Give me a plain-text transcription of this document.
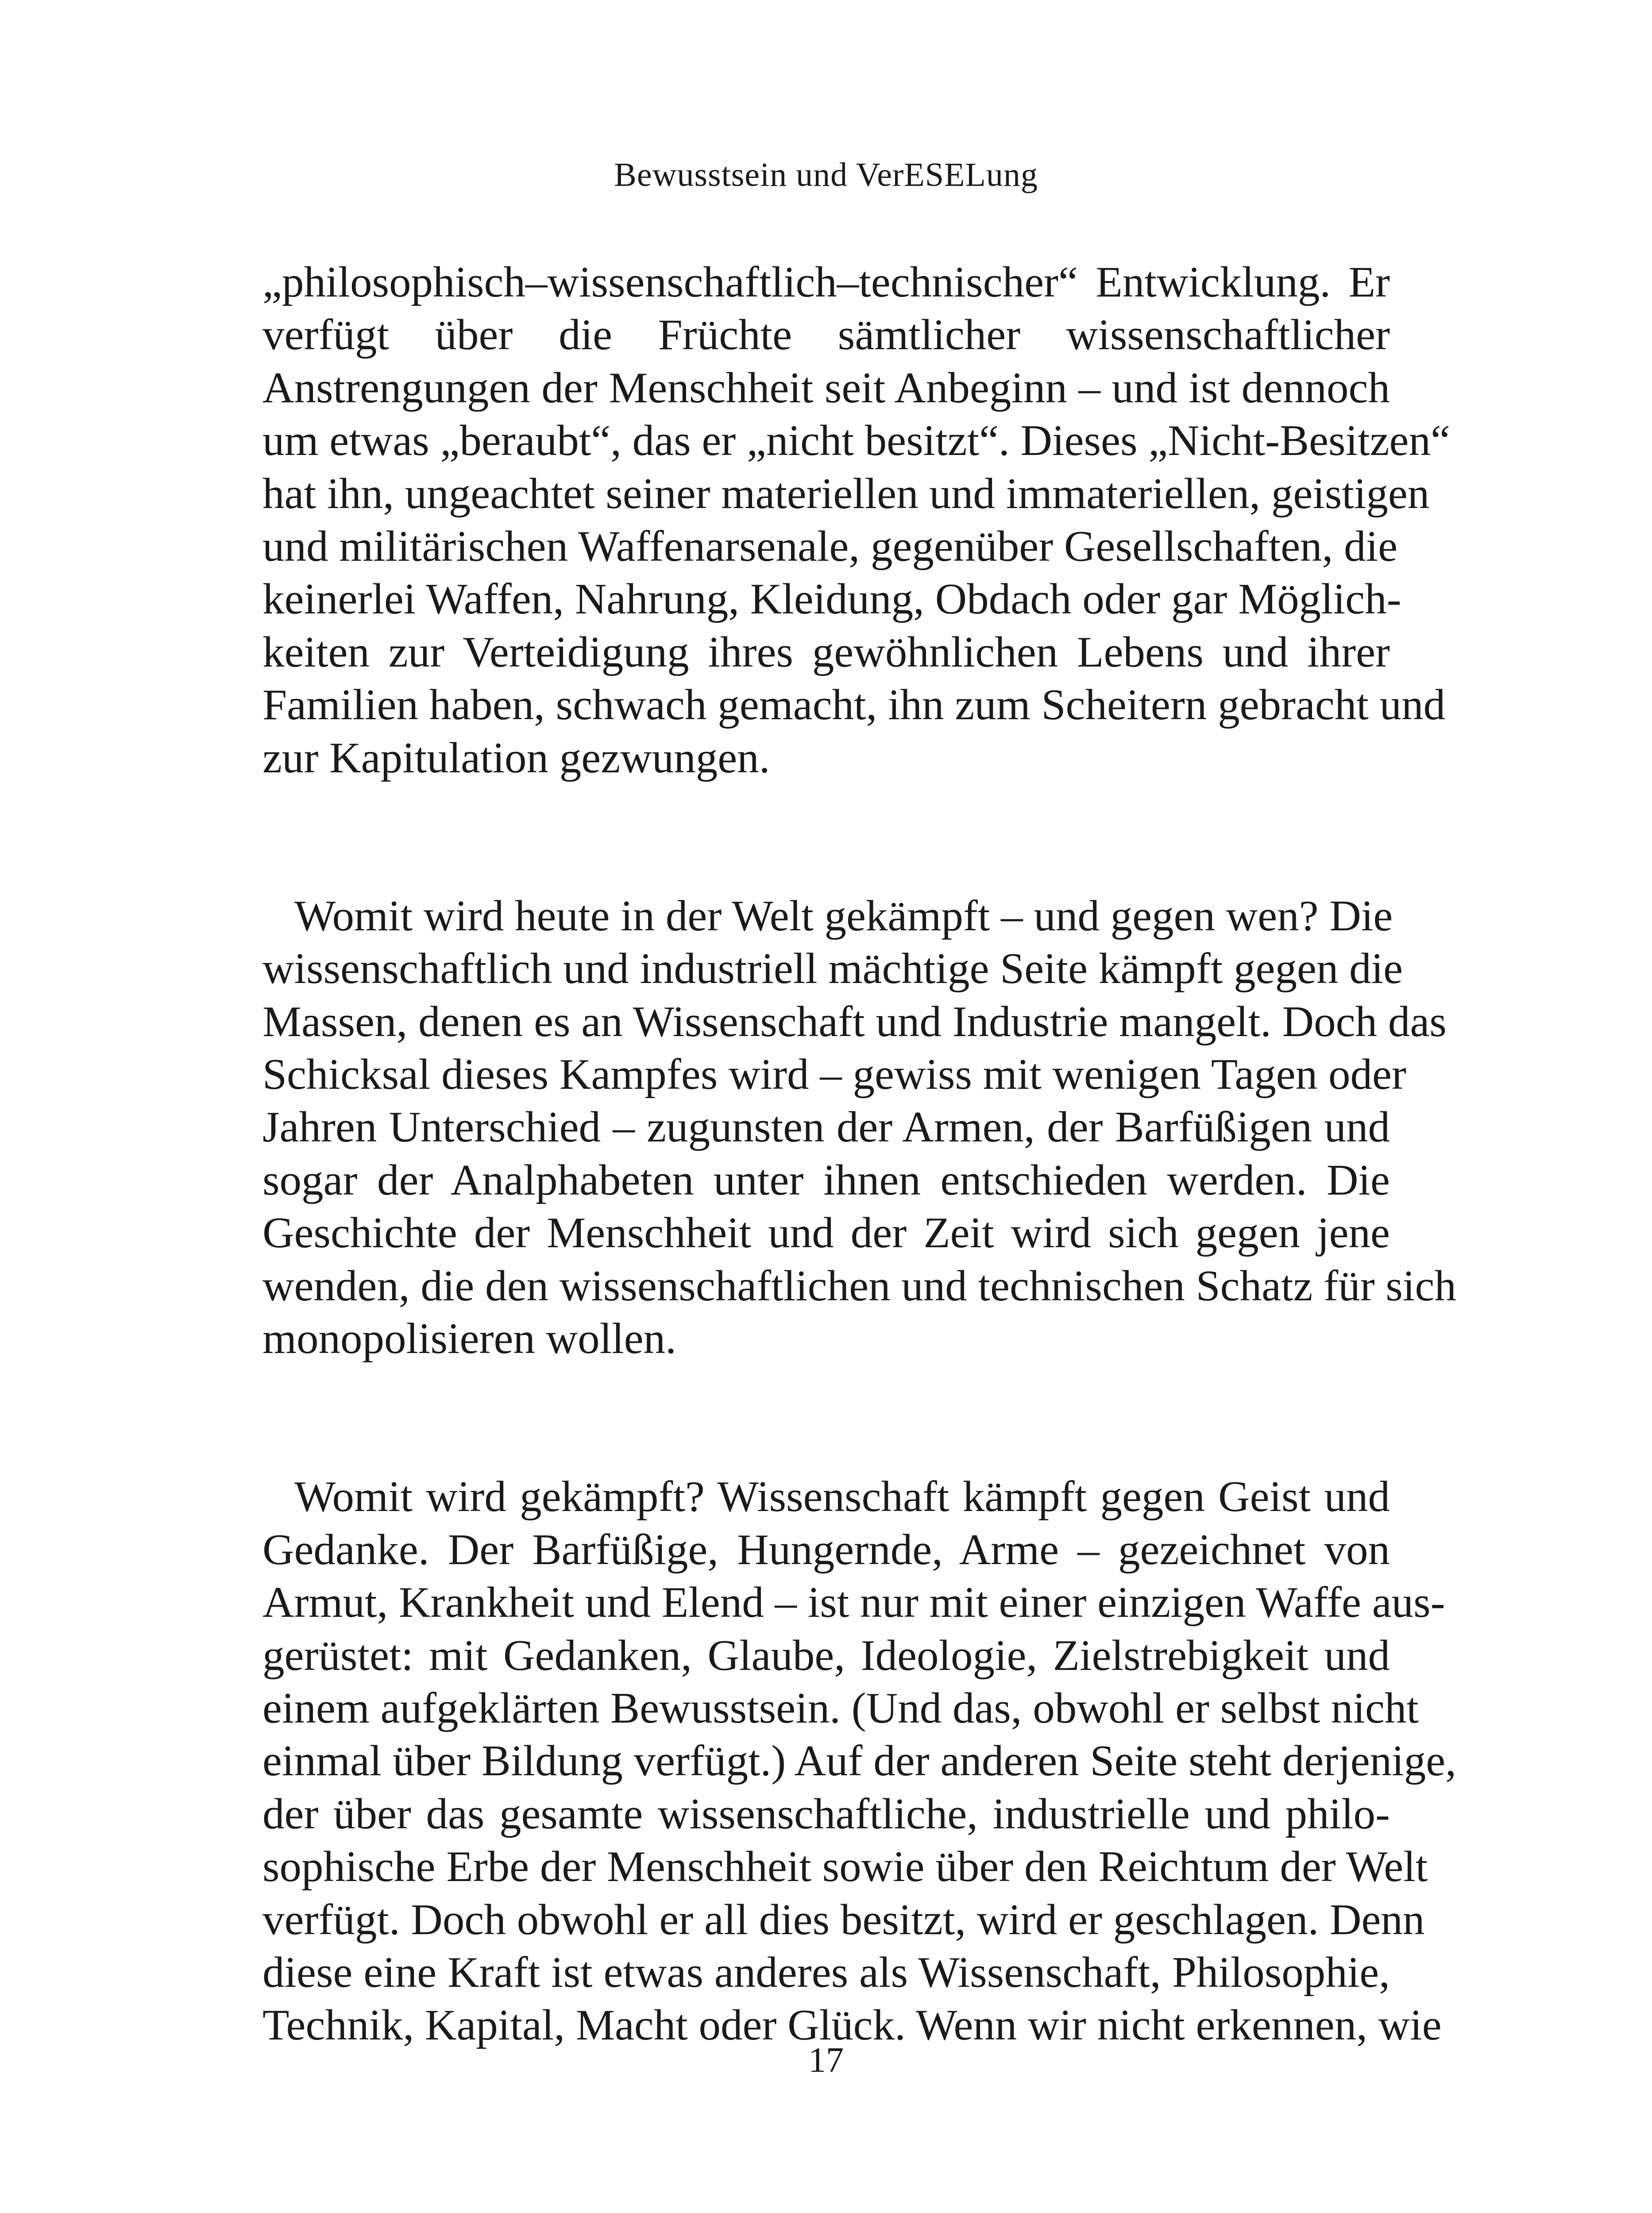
Bewusstsein und VerESELung
„philosophisch–wissenschaftlich–technischer“ Entwicklung. Er
verfügt über die Früchte sämtlicher wissenschaftlicher
Anstrengungen der Menschheit seit Anbeginn – und ist dennoch
um etwas „beraubt“, das er „nicht besitzt“. Dieses „Nicht-Besitzen“
hat ihn, ungeachtet seiner materiellen und immateriellen, geistigen
und militärischen Waffenarsenale, gegenüber Gesellschaften, die
keinerlei Waffen, Nahrung, Kleidung, Obdach oder gar Möglich-
keiten zur Verteidigung ihres gewöhnlichen Lebens und ihrer
Familien haben, schwach gemacht, ihn zum Scheitern gebracht und
zur Kapitulation gezwungen.
Womit wird heute in der Welt gekämpft – und gegen wen? Die
wissenschaftlich und industriell mächtige Seite kämpft gegen die
Massen, denen es an Wissenschaft und Industrie mangelt. Doch das
Schicksal dieses Kampfes wird – gewiss mit wenigen Tagen oder
Jahren Unterschied – zugunsten der Armen, der Barfüßigen und
sogar der Analphabeten unter ihnen entschieden werden. Die
Geschichte der Menschheit und der Zeit wird sich gegen jene
wenden, die den wissenschaftlichen und technischen Schatz für sich
monopolisieren wollen.
Womit wird gekämpft? Wissenschaft kämpft gegen Geist und
Gedanke. Der Barfüßige, Hungernde, Arme – gezeichnet von
Armut, Krankheit und Elend – ist nur mit einer einzigen Waffe aus-
gerüstet: mit Gedanken, Glaube, Ideologie, Zielstrebigkeit und
einem aufgeklärten Bewusstsein. (Und das, obwohl er selbst nicht
einmal über Bildung verfügt.) Auf der anderen Seite steht derjenige,
der über das gesamte wissenschaftliche, industrielle und philo-
sophische Erbe der Menschheit sowie über den Reichtum der Welt
verfügt. Doch obwohl er all dies besitzt, wird er geschlagen. Denn
diese eine Kraft ist etwas anderes als Wissenschaft, Philosophie,
Technik, Kapital, Macht oder Glück. Wenn wir nicht erkennen, wie
17
